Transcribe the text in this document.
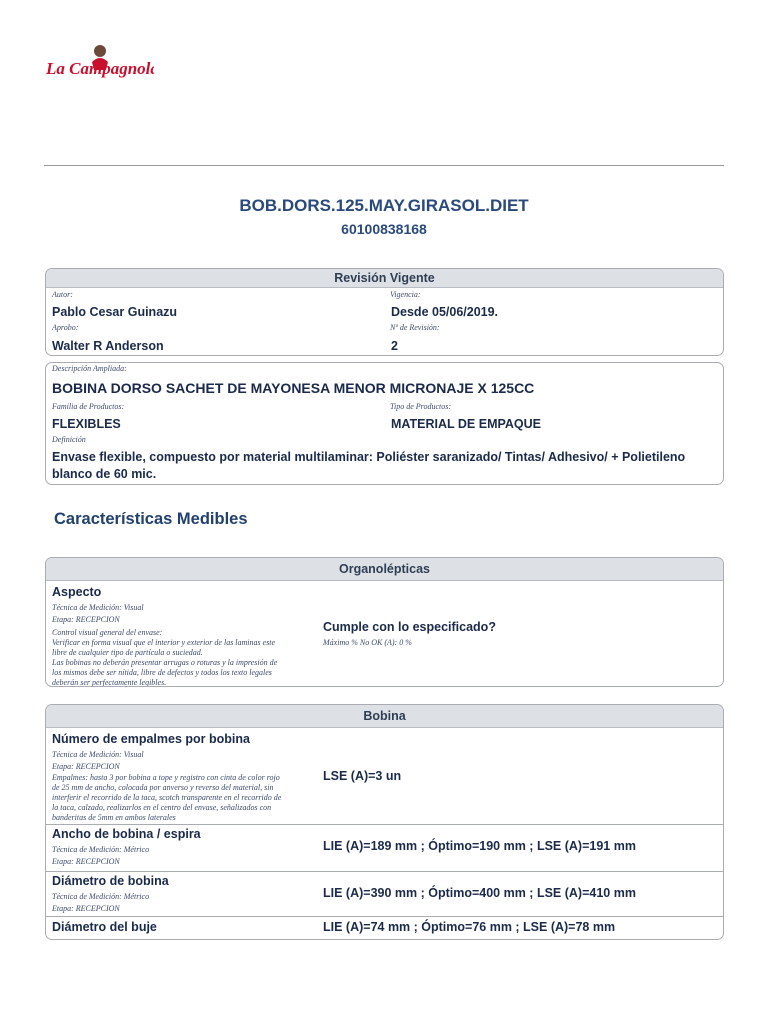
La Campagnola
BOB.DORS.125.MAY.GIRASOL.DIET
60100838168
Revisión Vigente
Autor:
Pablo Cesar Guinazu
Vigencia:
Desde 05/06/2019.
Aprobo:
Walter R Anderson
Nº de Revisión:
2
Descripción Ampliada:
BOBINA DORSO SACHET DE MAYONESA MENOR MICRONAJE X 125CC
Familia de Productos:
FLEXIBLES
Tipo de Productos:
MATERIAL DE EMPAQUE
Definición
Envase flexible, compuesto por material multilaminar: Poliéster saranizado/ Tintas/ Adhesivo/ + Polietileno
blanco de 60 mic.
Características Medibles
Organolépticas
Aspecto
Técnica de Medición: Visual
Etapa: RECEPCION
Control visual general del envase:
Verificar en forma visual que el interior y exterior de las laminas este
libre de cualquier tipo de partícula o suciedad.
Las bobinas no deberán presentar arrugas o roturas y la impresión de
los mismos debe ser nítida, libre de defectos y todos los texto legales
deberán ser perfectamente legibles.
Cumple con lo especificado?
Máximo % No OK (A): 0 %
Bobina
Número de empalmes por bobina
Técnica de Medición: Visual
Etapa: RECEPCION
Empalmes: hasta 3 por bobina a tope y registro con cinta de color rojo
de 25 mm de ancho, colocada por anverso y reverso del material, sin
interferir el recorrido de la taca, scotch transparente en el recorrido de
la taca, calzado, realizarlos en el centro del envase, señalizados con
banderitas de 5mm en ambos laterales
LSE (A)=3 un
Ancho de bobina / espira
Técnica de Medición: Métrico
Etapa: RECEPCION
LIE (A)=189 mm ; Óptimo=190 mm ; LSE (A)=191 mm
Diámetro de bobina
Técnica de Medición: Métrico
Etapa: RECEPCION
LIE (A)=390 mm ; Óptimo=400 mm ; LSE (A)=410 mm
Diámetro del buje	LIE (A)=74 mm ; Óptimo=76 mm ; LSE (A)=78 mm
